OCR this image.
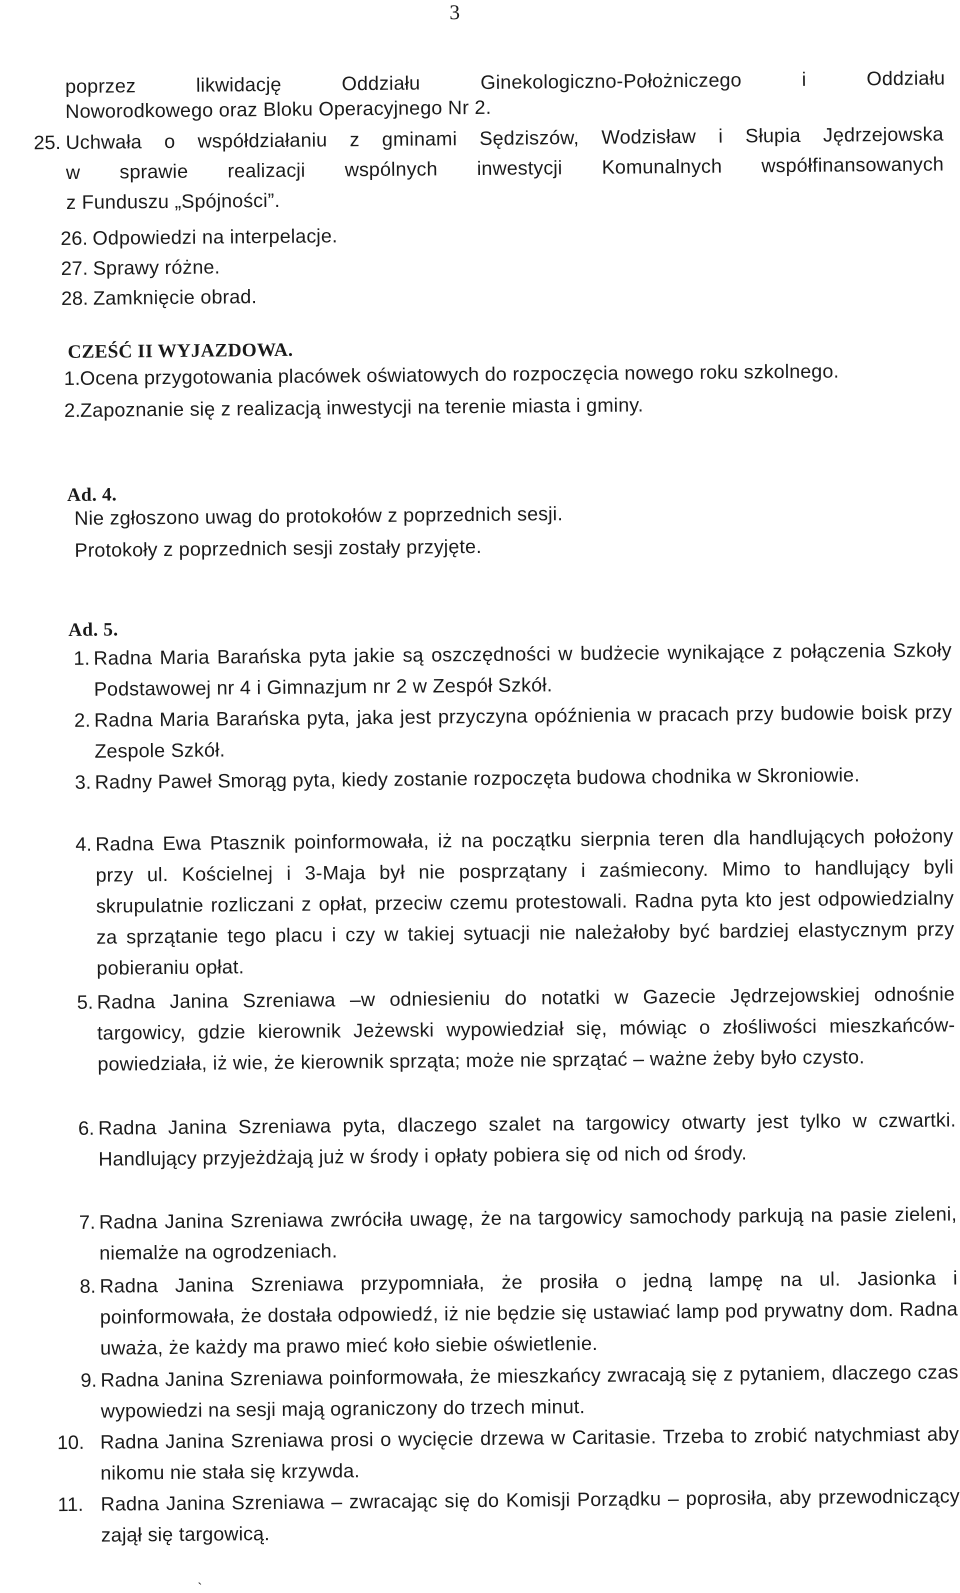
3

poprzez likwidację Oddziału Ginekologiczno-Położniczego i Oddziału

Noworodkowego oraz Bloku Operacyjnego Nr 2.

25. Uchwała o współdziałaniu z gminami Sędziszów, Wodzisław i Słupia Jędrzejowska

w sprawie realizacji wspólnych inwestycji Komunalnych współfinansowanych

z Funduszu „Spójności”.

26. Odpowiedzi na interpelacje.

27. Sprawy różne.

28. Zamknięcie obrad.

CZEŚĆ II WYJAZDOWA.
1. Ocena przygotowania placówek oświatowych do rozpoczęcia nowego roku szkolnego.

2. Zapoznanie się z realizacją inwestycji na terenie miasta i gminy.

Ad. 4.

Nie zgłoszono uwag do protokołów z poprzednich sesji.

Protokoły z poprzednich sesji zostały przyjęte.

Ad. 5.
1. Radna Maria Barańska pyta jakie są oszczędności w budżecie wynikające z połączenia Szkoły Podstawowej nr 4 i Gimnazjum nr 2 w Zespół Szkół.

2. Radna Maria Barańska pyta, jaka jest przyczyna opóźnienia w pracach przy budowie boisk przy Zespole Szkół.

3. Radny Paweł Smorąg pyta, kiedy zostanie rozpoczęta budowa chodnika w Skroniowie.

4. Radna Ewa Ptasznik poinformowała, iż na początku sierpnia teren dla handlujących położony przy ul. Kościelnej i 3-Maja był nie posprzątany i zaśmiecony. Mimo to handlujący byli skrupulatnie rozliczani z opłat, przeciw czemu protestowali. Radna pyta kto jest odpowiedzialny za sprzątanie tego placu i czy w takiej sytuacji nie należałoby być bardziej elastycznym przy pobieraniu opłat.

5. Radna Janina Szreniawa –w odniesieniu do notatki w Gazecie Jędrzejowskiej odnośnie targowicy, gdzie kierownik Jeżewski wypowiedział się, mówiąc o złośliwości mieszkańców- powiedziała, iż wie, że kierownik sprząta; może nie sprzątać – ważne żeby było czysto.

6. Radna Janina Szreniawa pyta, dlaczego szalet na targowicy otwarty jest tylko w czwartki. Handlujący przyjeżdżają już w środy i opłaty pobiera się od nich od środy.

7. Radna Janina Szreniawa zwróciła uwagę, że na targowicy samochody parkują na pasie zieleni, niemalże na ogrodzeniach.

8. Radna Janina Szreniawa przypomniała, że prosiła o jedną lampę na ul. Jasionka i poinformowała, że dostała odpowiedź, iż nie będzie się ustawiać lamp pod prywatny dom. Radna uważa, że każdy ma prawo mieć koło siebie oświetlenie.

9. Radna Janina Szreniawa poinformowała, że mieszkańcy zwracają się z pytaniem, dlaczego czas wypowiedzi na sesji mają ograniczony do trzech minut.

10. Radna Janina Szreniawa prosi o wycięcie drzewa w Caritasie. Trzeba to zrobić natychmiast aby nikomu nie stała się krzywda.

11. Radna Janina Szreniawa – zwracając się do Komisji Porządku – poprosiła, aby przewodniczący zajął się targowicą.

ˏ
